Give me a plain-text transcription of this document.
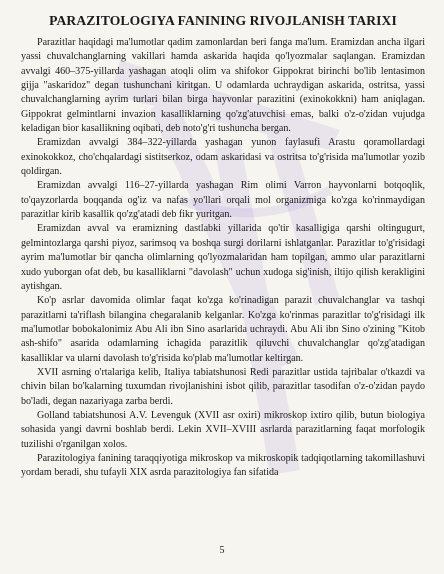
PARAZITOLOGIYA FANINING RIVOJLANISH TARIXI

Parazitlar haqidagi ma'lumotlar qadim zamonlardan beri fanga ma'lum. Eramizdan ancha ilgari yassi chuvalchanglarning vakillari hamda askarida haqida qo'lyozmalar saqlangan. Eramizdan avvalgi 460–375-yillarda yashagan atoqli olim va shifokor Gippokrat birinchi bo'lib lentasimon gijja "askaridoz" degan tushunchani kiritgan. U odamlarda uchraydigan askarida, ostritsa, yassi chuvalchanglarning ayrim turlari bilan birga hayvonlar parazitini (exinokokkni) ham aniqlagan. Gippokrat gelmintlarni invazion kasalliklarning qo'zg'atuvchisi emas, balki o'z-o'zidan vujudga keladigan bior kasallikning oqibati, deb noto'g'ri tushuncha bergan.

Eramizdan avvalgi 384–322-yillarda yashagan yunon faylasufi Arastu qoramollardagi exinokokkoz, cho'chqalardagi sistitserkoz, odam askaridasi va ostritsa to'g'risida ma'lumotlar yozib qoldirgan.

Eramizdan avvalgi 116–27-yillarda yashagan Rim olimi Varron hayvonlarni botqoqlik, to'qayzorlarda boqqanda og'iz va nafas yo'llari orqali mol organizmiga ko'zga ko'rinmaydigan parazitlar kirib kasallik qo'zg'atadi deb fikr yuritgan.

Eramizdan avval va eramizning dastlabki yillarida qo'tir kasalligiga qarshi oltingugurt, gelmintozlarga qarshi piyoz, sarimsoq va boshqa surgi dorilarni ishlatganlar. Parazitlar to'g'risidagi ayrim ma'lumotlar bir qancha olimlarning qo'lyozmalaridan ham topilgan, ammo ular parazitlarni xudo yuborgan ofat deb, bu kasalliklarni "davolash" uchun xudoga sig'inish, iltijo qilish kerakligini aytishgan.

Ko'p asrlar davomida olimlar faqat ko'zga ko'rinadigan parazit chuvalchanglar va tashqi parazitlarni ta'riflash bilangina chegaralanib kelganlar. Ko'zga ko'rinmas parazitlar to'g'risidagi ilk ma'lumotlar bobokalonimiz Abu Ali ibn Sino asarlarida uchraydi. Abu Ali ibn Sino o'zining "Kitob ash-shifo" asarida odamlarning ichagida parazitlik qiluvchi chuvalchanglar qo'zg'atadigan kasalliklar va ularni davolash to'g'risida ko'plab ma'lumotlar keltirgan.

XVII asrning o'rtalariga kelib, Italiya tabiatshunosi Redi parazitlar ustida tajribalar o'tkazdi va chivin bilan bo'kalarning tuxumdan rivojlanishini isbot qilib, parazitlar tasodifan o'z-o'zidan paydo bo'ladi, degan nazariyaga zarba berdi.

Golland tabiatshunosi A.V. Levenguk (XVII asr oxiri) mikroskop ixtiro qilib, butun biologiya sohasida yangi davrni boshlab berdi. Lekin XVII–XVIII asrlarda parazitlarning faqat morfologik tuzilishi o'rganilgan xolos.

Parazitologiya fanining taraqqiyotiga mikroskop va mikroskopik tadqiqotlarning takomillashuvi yordam beradi, shu tufayli XIX asrda parazitologiya fan sifatida

5
